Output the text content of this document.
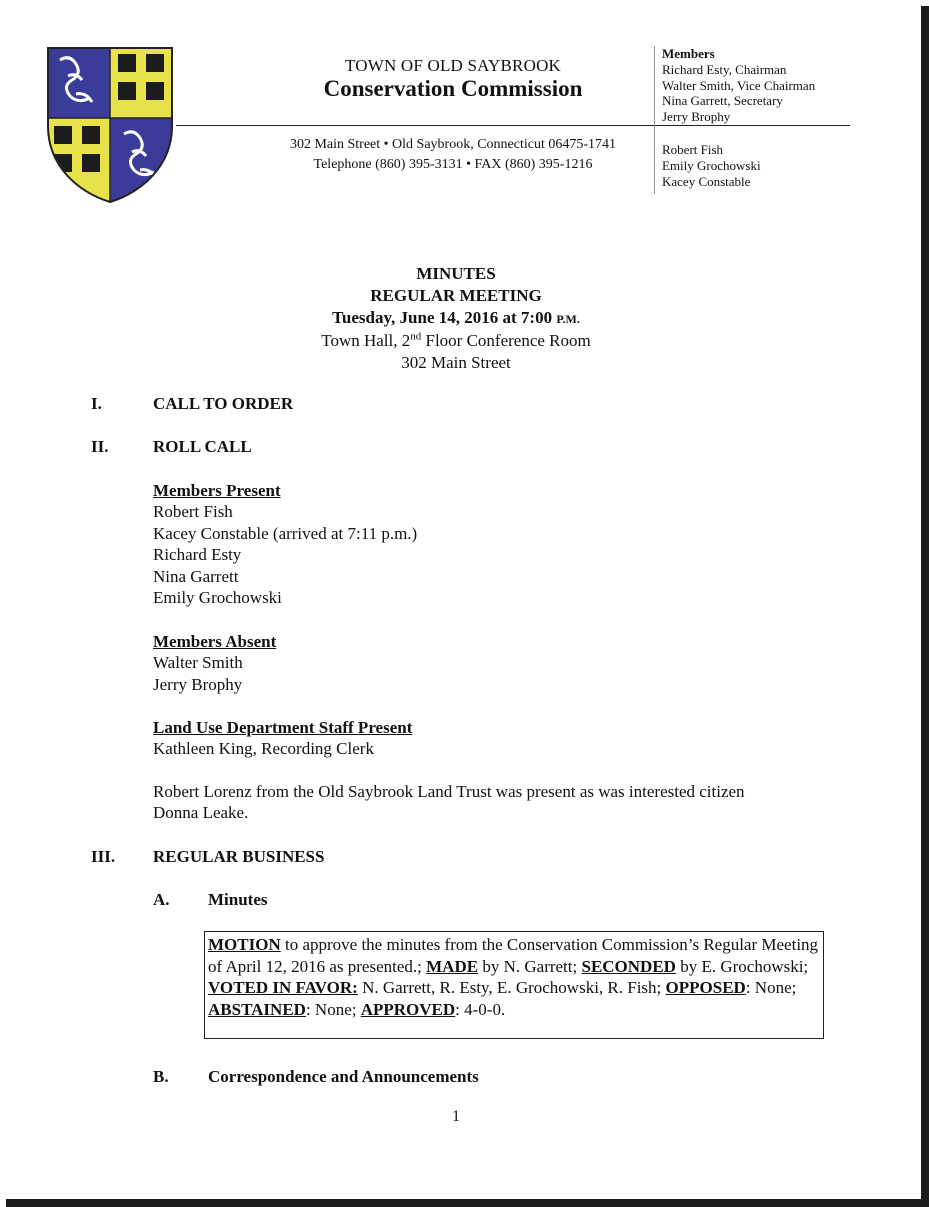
TOWN OF OLD SAYBROOK
Conservation Commission
302 Main Street • Old Saybrook, Connecticut 06475-1741
Telephone (860) 395-3131 • FAX (860) 395-1216
Members
Richard Esty, Chairman
Walter Smith, Vice Chairman
Nina Garrett, Secretary
Jerry Brophy
Robert Fish
Emily Grochowski
Kacey Constable
MINUTES
REGULAR MEETING
Tuesday, June 14, 2016 at 7:00 P.M.
Town Hall, 2nd Floor Conference Room
302 Main Street
I.	CALL TO ORDER
II.	ROLL CALL
Members Present
Robert Fish
Kacey Constable (arrived at 7:11 p.m.)
Richard Esty
Nina Garrett
Emily Grochowski
Members Absent
Walter Smith
Jerry Brophy
Land Use Department Staff Present
Kathleen King, Recording Clerk
Robert Lorenz from the Old Saybrook Land Trust was present as was interested citizen
Donna Leake.
III. REGULAR BUSINESS
A. Minutes
MOTION to approve the minutes from the Conservation Commission’s Regular Meeting of April 12, 2016 as presented.; MADE by N. Garrett; SECONDED by E. Grochowski; VOTED IN FAVOR: N. Garrett, R. Esty, E. Grochowski, R. Fish; OPPOSED: None; ABSTAINED: None; APPROVED: 4-0-0.
B. Correspondence and Announcements
1
